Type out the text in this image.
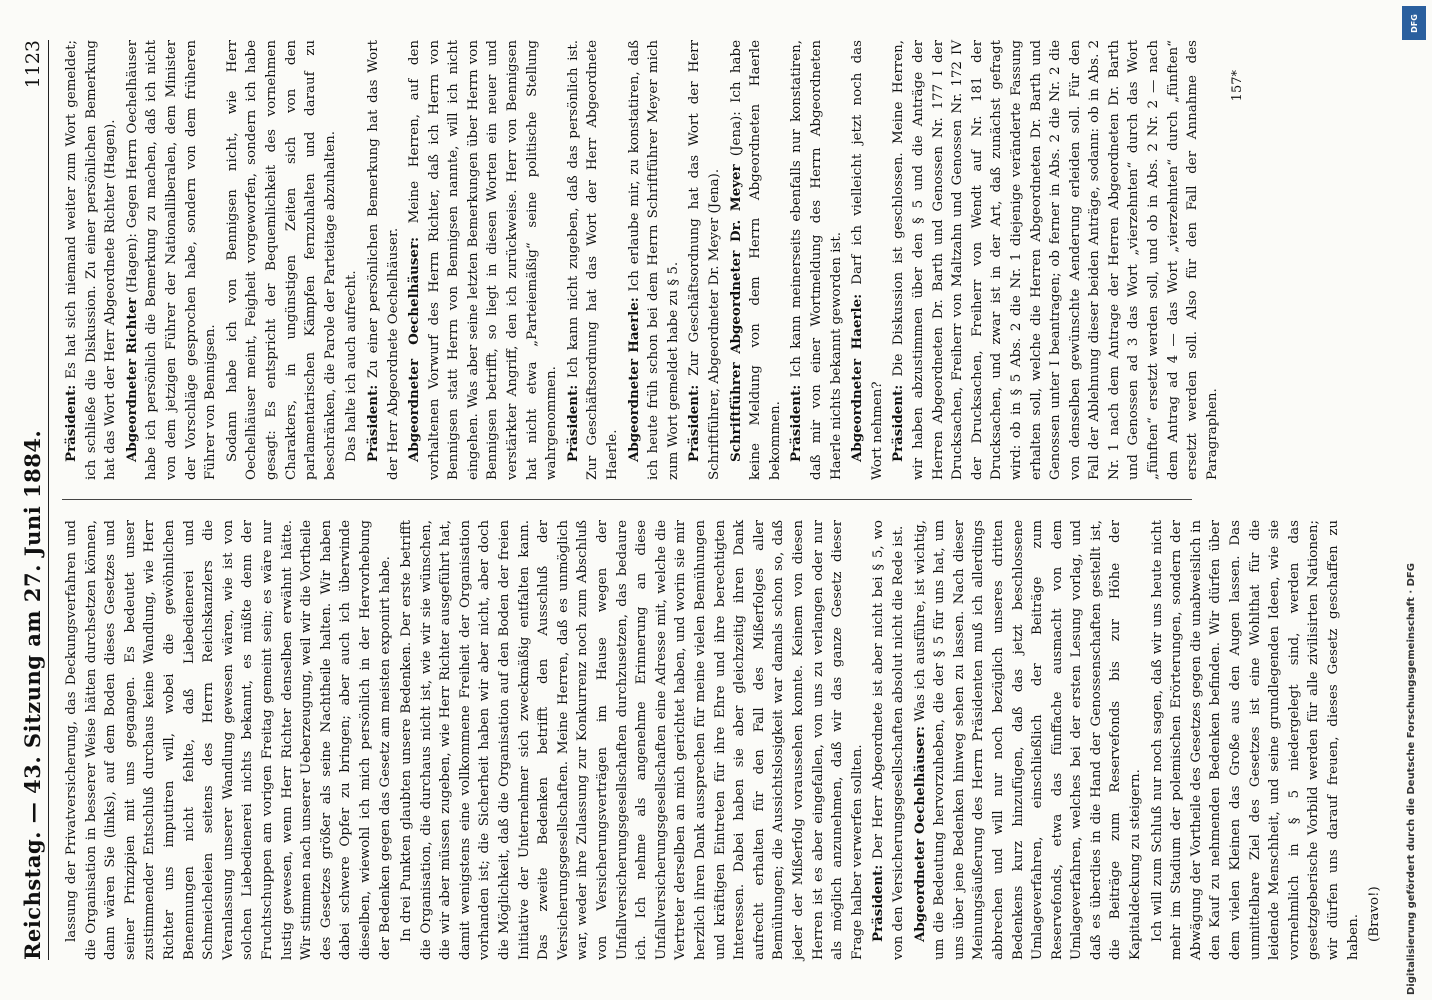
Reichstag. — 43. Sitzung am 27. Juni 1884.
1123

lassung der Privatversicherung, das Deckungsverfahren und die Organisation in besserer Weise hätten durchsetzen können, dann wären Sie (links), auf dem Boden dieses Gesetzes und seiner Prinzipien mit uns gegangen. Es bedeutet unser zustimmender Entschluß durchaus keine Wandlung, wie Herr Richter uns imputiren will, wobei die gewöhnlichen Benennungen nicht fehlte, daß Liebedienerei und Schmeicheleien seitens des Herrn Reichskanzlers die Veranlassung unserer Wandlung gewesen wären, wie ist von solchen Liebedienerei nichts bekannt, es müßte denn der Fruchtschuppen am vorigen Freitag gemeint sein; es wäre nur lustig gewesen, wenn Herr Richter denselben erwähnt hätte. Wir stimmen nach unserer Ueberzeugung, weil wir die Vortheile des Gesetzes größer als seine Nachtheile halten. Wir haben dabei schwere Opfer zu bringen; aber auch ich überwinde dieselben, wiewohl ich mich persönlich in der Hervorhebung der Bedenken gegen das Gesetz am meisten exponirt habe. In drei Punkten glaubten unsere Bedenken. Der erste betrifft die Organisation, die durchaus nicht ist, wie wir sie wünschen, die wir aber müssen zugeben, wie Herr Richter ausgeführt hat, damit wenigstens eine vollkommene Freiheit der Organisation vorhanden ist; die Sicherheit haben wir aber nicht, aber doch die Möglichkeit, daß die Organisation auf den Boden der freien Initiative der Unternehmer sich zweckmäßig entfalten kann. Das zweite Bedenken betrifft den Ausschluß der Versicherungsgesellschaften. Meine Herren, daß es unmöglich war, weder ihre Zulassung zur Konkurrenz noch zum Abschluß von Versicherungsverträgen im Hause wegen der Unfallversicherungsgesellschaften durchzusetzen, das bedaure ich. Ich nehme als angenehme Erinnerung an diese Unfallversicherungsgesellschaften eine Adresse mit, welche die Vertreter derselben an mich gerichtet haben, und worin sie mir herzlich ihren Dank aussprechen für meine vielen Bemühungen und kräftigen Eintreten für ihre Ehre und ihre berechtigten Interessen. Dabei haben sie aber gleichzeitig ihren Dank aufrecht erhalten für den Fall des Mißerfolges aller Bemühungen; die Aussichtslosigkeit war damals schon so, daß jeder der Mißerfolg voraussehen konnte. Keinem von diesen Herren ist es aber eingefallen, von uns zu verlangen oder nur als möglich anzunehmen, daß wir das ganze Gesetz dieser Frage halber verwerfen sollten. Präsident: Der Herr Abgeordnete ist aber nicht bei § 5, wo von den Versicherungsgesellschaften absolut nicht die Rede ist. Abgeordneter Oechelhäuser: Was ich ausführe, ist wichtig, um die Bedeutung hervorzuheben, die der § 5 für uns hat, um uns über jene Bedenken hinweg sehen zu lassen. Nach dieser Meinungsäußerung des Herrn Präsidenten muß ich allerdings abbrechen und will nur noch bezüglich unseres dritten Bedenkens kurz hinzufügen, daß das jetzt beschlossene Umlageverfahren, einschließlich der Beiträge zum Reservefonds, etwa das fünffache ausmacht von dem Umlageverfahren, welches bei der ersten Lesung vorlag, und daß es überdies in die Hand der Genossenschaften gestellt ist, die Beiträge zum Reservefonds bis zur Höhe der Kapitaldeckung zu steigern. Ich will zum Schluß nur noch sagen, daß wir uns heute nicht mehr im Stadium der polemischen Erörterungen, sondern der Abwägung der Vortheile des Gesetzes gegen die unabweislich in den Kauf zu nehmenden Bedenken befinden. Wir dürfen über dem vielen Kleinen das Große aus den Augen lassen. Das unmittelbare Ziel des Gesetzes ist eine Wohlthat für die leidende Menschheit, und seine grundlegenden Ideen, wie sie vornehmlich in § 5 niedergelegt sind, werden das gesetzgeberische Vorbild werden für alle zivilisirten Nationen; wir dürfen uns darauf freuen, dieses Gesetz geschaffen zu haben. (Bravo!)

Präsident: Es hat sich niemand weiter zum Wort gemeldet; ich schließe die Diskussion. Zu einer persönlichen Bemerkung hat das Wort der Herr Abgeordnete Richter (Hagen). Abgeordneter Richter (Hagen): Gegen Herrn Oechelhäuser habe ich persönlich die Bemerkung zu machen, daß ich nicht von dem jetzigen Führer der Nationalliberalen, dem Minister der Vorschläge gesprochen habe, sondern von dem früheren Führer von Bennigsen. Sodann habe ich von Bennigsen nicht, wie Herr Oechelhäuser meint, Feigheit vorgeworfen, sondern ich habe gesagt: Es entspricht der Bequemlichkeit des vornehmen Charakters, in ungünstigen Zeiten sich von den parlamentarischen Kämpfen fernzuhalten und darauf zu beschränken, die Parole der Parteitage abzuhalten. Das halte ich auch aufrecht. Präsident: Zu einer persönlichen Bemerkung hat das Wort der Herr Abgeordnete Oechelhäuser. Abgeordneter Oechelhäuser: Meine Herren, auf den vorhaltenen Vorwurf des Herrn Richter, daß ich Herrn von Bennigsen statt Herrn von Bennigsen nannte, will ich nicht eingehen. Was aber seine letzten Bemerkungen über Herrn von Bennigsen betrifft, so liegt in diesen Worten ein neuer und verstärkter Angriff, den ich zurückweise. Herr von Bennigsen hat nicht etwa „Parteiemäßig“ seine politische Stellung wahrgenommen. Präsident: Ich kann nicht zugeben, daß das persönlich ist. Zur Geschäftsordnung hat das Wort der Herr Abgeordnete Haerle. Abgeordneter Haerle: Ich erlaube mir, zu konstatiren, daß ich heute früh schon bei dem Herrn Schriftführer Meyer mich zum Wort gemeldet habe zu § 5. Präsident: Zur Geschäftsordnung hat das Wort der Herr Schriftführer, Abgeordneter Dr. Meyer (Jena). Schriftführer Abgeordneter Dr. Meyer (Jena): Ich habe keine Meldung von dem Herrn Abgeordneten Haerle bekommen. Präsident: Ich kann meinerseits ebenfalls nur konstatiren, daß mir von einer Wortmeldung des Herrn Abgeordneten Haerle nichts bekannt geworden ist. Abgeordneter Haerle: Darf ich vielleicht jetzt noch das Wort nehmen? Präsident: Die Diskussion ist geschlossen. Meine Herren, wir haben abzustimmen über den § 5 und die Anträge der Herren Abgeordneten Dr. Barth und Genossen Nr. 177 I der Drucksachen, Freiherr von Maltzahn und Genossen Nr. 172 IV der Drucksachen, Freiherr von Wendt auf Nr. 181 der Drucksachen, und zwar ist in der Art, daß zunächst gefragt wird: ob in § 5 Abs. 2 die Nr. 1 diejenige veränderte Fassung erhalten soll, welche die Herren Abgeordneten Dr. Barth und Genossen unter I beantragen; ob ferner in Abs. 2 die Nr. 2 die von denselben gewünschte Aenderung erleiden soll. Für den Fall der Ablehnung dieser beiden Anträge, sodann: ob in Abs. 2 Nr. 1 nach dem Antrage der Herren Abgeordneten Dr. Barth und Genossen ad 3 das Wort „vierzehnten“ durch das Wort „fünften“ ersetzt werden soll, und ob in Abs. 2 Nr. 2 — nach dem Antrag ad 4 — das Wort „vierzehnten“ durch „fünften“ ersetzt werden soll. Also für den Fall der Annahme des Paragraphen.

157*
DFG
Digitalisierung gefördert durch die Deutsche Forschungsgemeinschaft · DFG
